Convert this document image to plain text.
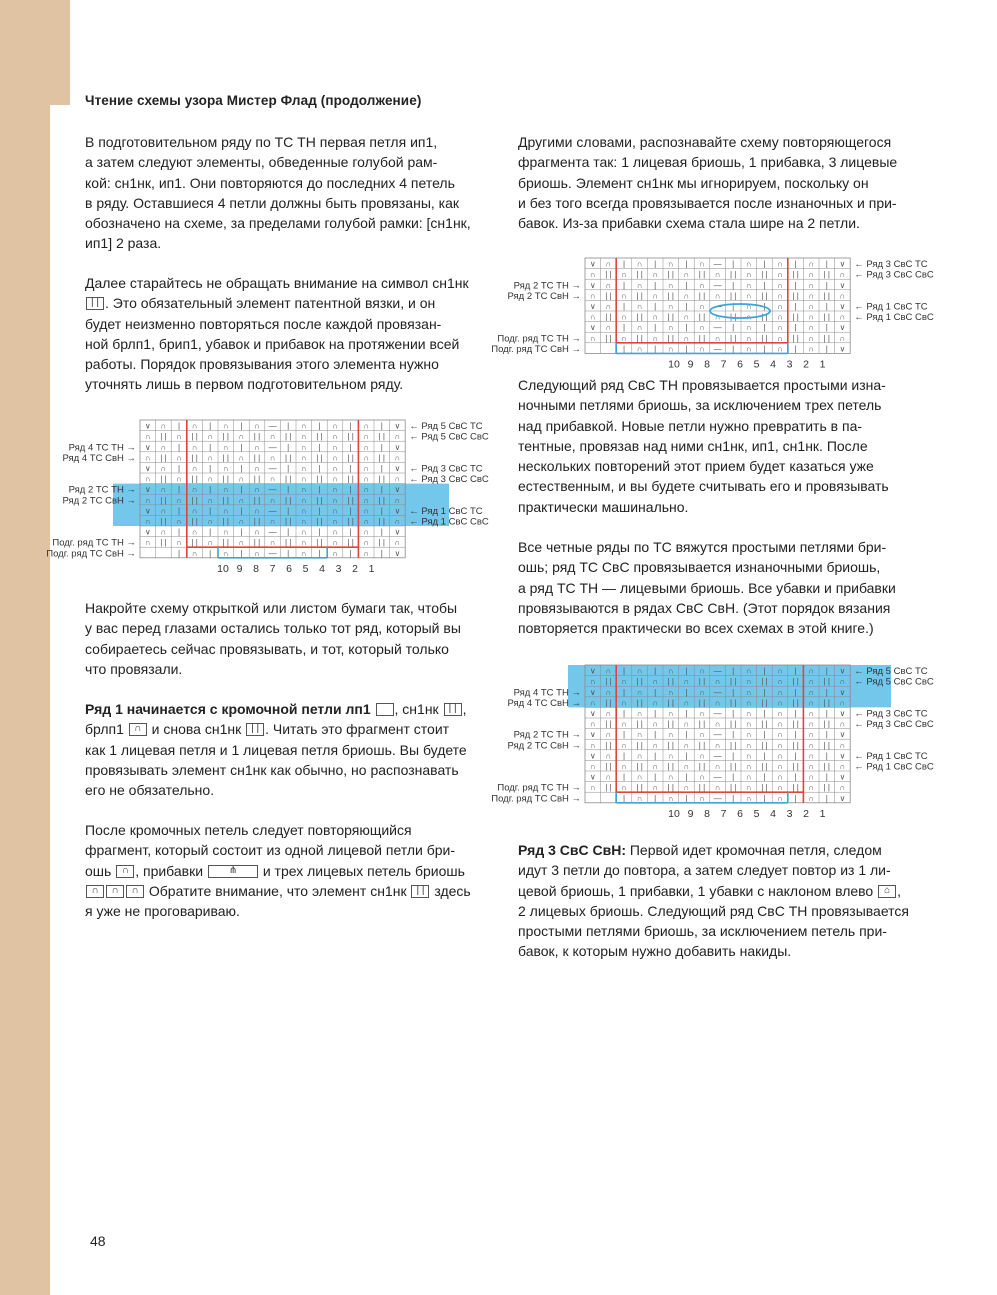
Чтение схемы узора Мистер Флад (продолжение)
В подготовительном ряду по ТС ТН первая петля ип1,
а затем следуют элементы, обведенные голубой рам-
кой: сн1нк, ип1. Они повторяются до последних 4 петель
в ряду. Оставшиеся 4 петли должны быть провязаны, как
обозначено на схеме, за пределами голубой рамки: [сн1нк,
ип1] 2 раза.
Далее старайтесь не обращать внимание на символ сн1нк
| | . Это обязательный элемент патентной вязки, и он
будет неизменно повторяться после каждой провязан-
ной брлп1, брип1, убавок и прибавок на протяжении всей
работы. Порядок провязывания этого элемента нужно
уточнять лишь в первом подготовительном ряду.
∨ ∩ | ∩ | ∩ | ∩ — | ∩ | ∩ | ∩ | ∨
∩ | | ∩ | | ∩ | | ∩ | | ∩ | | ∩ | | ∩ | | ∩ | | ∩
∨ ∩ | ∩ | ∩ | ∩ — | ∩ | ∩ | ∩ | ∨
∩ | | ∩ | | ∩ | | ∩ | | ∩ | | ∩ | | ∩ | | ∩ | | ∩
∨ ∩ | ∩ | ∩ | ∩ — | ∩ | ∩ | ∩ | ∨
∩ | | ∩ | | ∩ | | ∩ | | ∩ | | ∩ | | ∩ | | ∩ | | ∩
∨ ∩ | ∩ | ∩ | ∩ — | ∩ | ∩ | ∩ | ∨
∩ | | ∩ | | ∩ | | ∩ | | ∩ | | ∩ | | ∩ | | ∩ | | ∩
∨ ∩ | ∩ | ∩ | ∩ — | ∩ | ∩ | ∩ | ∨
∩ | | ∩ | | ∩ | | ∩ | | ∩ | | ∩ | | ∩ | | ∩ | | ∩
∨ ∩ | ∩ | ∩ | ∩ — | ∩ | ∩ | ∩ | ∨
∩ | | ∩ | | ∩ | | ∩ | | ∩ | | ∩ | | ∩ | | ∩ | | ∩
| ∩ | ∩ | ∩ — | ∩ | ∩ | ∩ | ∨
← Ряд 5 СвС ТС
← Ряд 5 СвС СвС
← Ряд 3 СвС ТС
← Ряд 3 СвС СвС
← Ряд 1 СвС ТС
← Ряд 1 СвС СвС
Ряд 4 ТС ТН →
Ряд 4 ТС СвН →
Ряд 2 ТС ТН →
Ряд 2 ТС СвН →
Подг. ряд ТС ТН →
Подг. ряд ТС СвН →
10 9 8 7 6 5 4 3 2 1
Накройте схему открыткой или листом бумаги так, чтобы
у вас перед глазами остались только тот ряд, который вы
собираетесь сейчас провязывать, и тот, который только
что провязали.
Ряд 1 начинается с кромочной петли лп1 , сн1нк | | ,
брлп1	∩ и снова сн1нк | | . Читать это фрагмент стоит
как 1 лицевая петля и 1 лицевая петля бриошь. Вы будете
провязывать элемент сн1нк как обычно, но распознавать
его не обязательно.
После кромочных петель следует повторяющийся
фрагмент, который состоит из одной лицевой петли бри-
ошь	∩ , прибавки	⋔	и трех лицевых петель бриошь
∩	∩	∩ Обратите внимание, что элемент сн1нк | | здесь
я уже не проговариваю.
Другими словами, распознавайте схему повторяющегося
фрагмента так: 1 лицевая бриошь, 1 прибавка, 3 лицевые
бриошь. Элемент сн1нк мы игнорируем, поскольку он
и без того всегда провязывается после изнаночных и при-
бавок. Из-за прибавки схема стала шире на 2 петли.
∨ ∩ | ∩ | ∩ | ∩ — | ∩ | ∩ | ∩ | ∨
∩ | | ∩ | | ∩ | | ∩ | | ∩ | | ∩ | | ∩ | | ∩ | | ∩
∨ ∩ | ∩ | ∩ | ∩ — | ∩ | ∩ | ∩ | ∨
∩ | | ∩ | | ∩ | | ∩ | | ∩ | | ∩ | | ∩ | | ∩ | | ∩
∨ ∩ | ∩ | ∩ | ∩ — | ∩ | ∩ | ∩ | ∨
∩ | | ∩ | | ∩ | | ∩ | | ∩ | | ∩ | | ∩ | | ∩ | | ∩
∨ ∩ | ∩ | ∩ | ∩ — | ∩ | ∩ | ∩ | ∨
∩ | | ∩ | | ∩ | | ∩ | | ∩ | | ∩ | | ∩ | | ∩ | | ∩
| ∩ | ∩ | ∩ — | ∩ | ∩ | ∩ | ∨
← Ряд 3 СвС ТС
← Ряд 3 СвС СвС
← Ряд 1 СвС ТС
← Ряд 1 СвС СвС
Ряд 2 ТС ТН →
Ряд 2 ТС СвН →
Подг. ряд ТС ТН →
Подг. ряд ТС СвН →
10 9 8 7 6 5 4 3 2 1
Следующий ряд СвС ТН провязывается простыми изна-
ночными петлями бриошь, за исключением трех петель
над прибавкой. Новые петли нужно превратить в па-
тентные, провязав над ними сн1нк, ип1, сн1нк. После
нескольких повторений этот прием будет казаться уже
естественным, и вы будете считывать его и провязывать
практически машинально.
Все четные ряды по ТС вяжутся простыми петлями бри-
ошь; ряд ТС СвС провязывается изнаночными бриошь,
а ряд ТС ТН — лицевыми бриошь. Все убавки и прибавки
провязываются в рядах СвС СвН. (Этот порядок вязания
повторяется практически во всех схемах в этой книге.)
∨ ∩ | ∩ | ∩ | ∩ — | ∩ | ∩ | ∩ | ∨
∩ | | ∩ | | ∩ | | ∩ | | ∩ | | ∩ | | ∩ | | ∩ | | ∩
∨ ∩ | ∩ | ∩ | ∩ — | ∩ | ∩ | ∩ | ∨
∩ | | ∩ | | ∩ | | ∩ | | ∩ | | ∩ | | ∩ | | ∩ | | ∩
∨ ∩ | ∩ | ∩ | ∩ — | ∩ | ∩ | ∩ | ∨
∩ | | ∩ | | ∩ | | ∩ | | ∩ | | ∩ | | ∩ | | ∩ | | ∩
∨ ∩ | ∩ | ∩ | ∩ — | ∩ | ∩ | ∩ | ∨
∩ | | ∩ | | ∩ | | ∩ | | ∩ | | ∩ | | ∩ | | ∩ | | ∩
∨ ∩ | ∩ | ∩ | ∩ — | ∩ | ∩ | ∩ | ∨
∩ | | ∩ | | ∩ | | ∩ | | ∩ | | ∩ | | ∩ | | ∩ | | ∩
∨ ∩ | ∩ | ∩ | ∩ — | ∩ | ∩ | ∩ | ∨
∩ | | ∩ | | ∩ | | ∩ | | ∩ | | ∩ | | ∩ | | ∩ | | ∩
| ∩ | ∩ | ∩ — | ∩ | ∩ | ∩ | ∨
← Ряд 5 СвС ТС
← Ряд 5 СвС СвС
← Ряд 3 СвС ТС
← Ряд 3 СвС СвС
← Ряд 1 СвС ТС
← Ряд 1 СвС СвС
Ряд 4 ТС ТН →
Ряд 4 ТС СвН →
Ряд 2 ТС ТН →
Ряд 2 ТС СвН →
Подг. ряд ТС ТН →
Подг. ряд ТС СвН →
10 9 8 7 6 5 4 3 2 1
Ряд 3 СвС СвН: Первой идет кромочная петля, следом
идут 3 петли до повтора, а затем следует повтор из 1 ли-
цевой бриошь, 1 прибавки, 1 убавки с наклоном влево	⌂ ,
2 лицевых бриошь. Следующий ряд СвС ТН провязывается
простыми петлями бриошь, за исключением петель при-
бавок, к которым нужно добавить накиды.
48
